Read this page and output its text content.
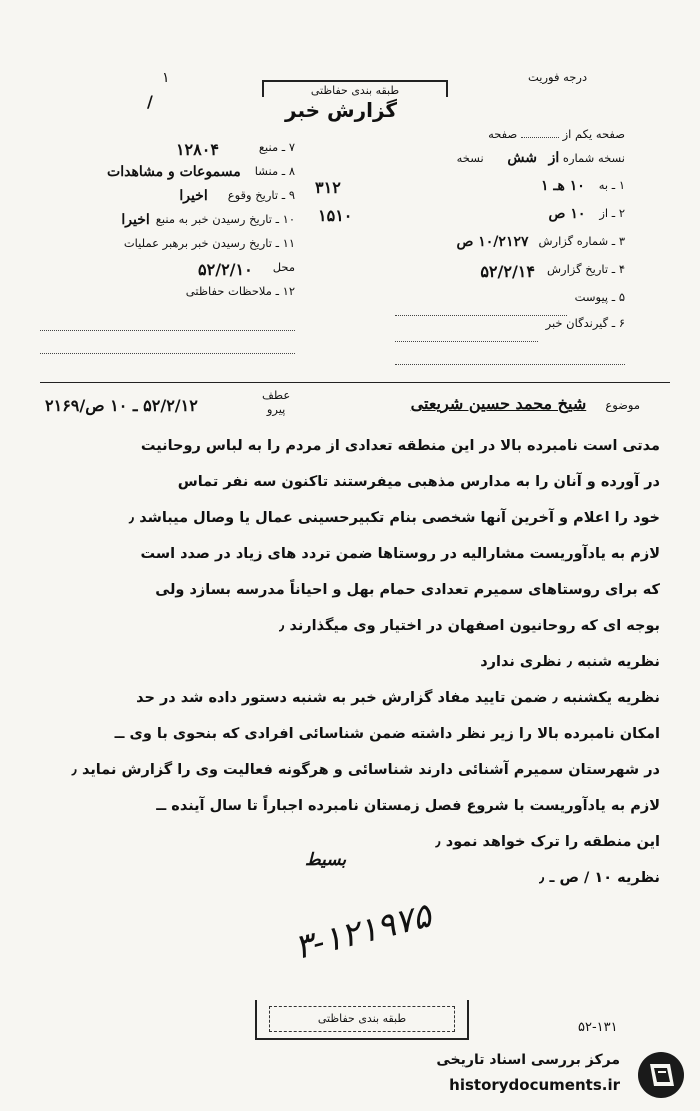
۱
/
طبقه بندی حفاظتی
گزارش خبر
درجه فوریت
صفحه یکم از  صفحه
نسخه شماره از شش نسخه
۱ ـ به
۱۰ هـ ۱
۲ ـ از
۱۰ ص
۳ ـ شماره گزارش
۱۰/۲۱۲۷ ص
۴ ـ تاریخ گزارش
۵۲/۲/۱۴
۵ ـ پیوست
۶ ـ گیرندگان خبر
۳۱۲
۱۵۱۰
۷ ـ منبع
۱۲۸۰۴
۸ ـ منشا
مسموعات و مشاهدات
۹ ـ تاریخ وقوع
اخیرا
۱۰ ـ تاریخ رسیدن خبر به منبع
اخیرا
۱۱ ـ تاریخ رسیدن خبر برهبر عملیات
محل
۵۲/۲/۱۰
۱۲ ـ ملاحظات حفاظتی
موضوع شیخ محمد حسین شریعتی
عطف
پیرو
۵۲/۲/۱۲ ـ ۱۰ ص/۲۱۶۹
مدتی است نامبرده بالا در این منطقه تعدادی از مردم را به لباس روحانیت
در آورده و آنان را به مدارس مذهبی میفرستند تاکنون سه نفر تماس
خود را اعلام و آخرین آنها شخصی بنام تکبیرحسینی عمال یا وصال میباشد ٫
لازم به یادآوریست مشارالیه در روستاها ضمن تردد های زیاد در صدد است
که برای روستاهای سمیرم تعدادی حمام بهل و احیاناً مدرسه بسازد ولی
بوجه ای که روحانیون اصفهان در اختیار وی میگذارند ٫
نظریه شنبه ٫ نظری ندارد
نظریه یکشنبه ٫ ضمن تایید مفاد گزارش خبر به شنبه دستور داده شد در حد
امکان نامبرده بالا را زیر نظر داشته ضمن شناسائی افرادی که بنحوی با وی ــ
در شهرستان سمیرم آشنائی دارند شناسائی و هرگونه فعالیت وی را گزارش نماید ٫
لازم به یادآوریست با شروع فصل زمستان نامبرده اجباراً تا سال آینده ــ
این منطقه را ترک خواهد نمود ٫
نظریه ۱۰ / ص ـ ٫
بسیط
۳-۱۲۱۹۷۵
طبقه بندی حفاظتی
۵۲-۱۳۱
مرکز بررسی اسناد تاریخی
historydocuments.ir
